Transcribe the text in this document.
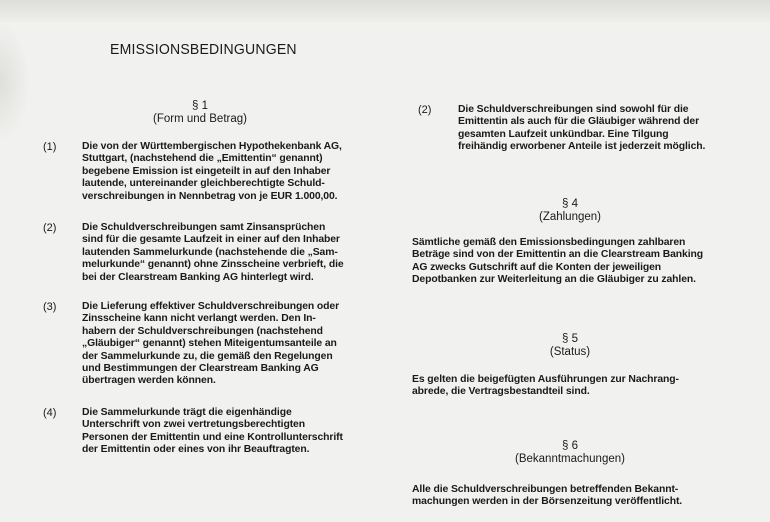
EMISSIONSBEDINGUNGEN
§ 1
(Form und Betrag)
(1) Die von der Württembergischen Hypothekenbank AG,
Stuttgart, (nachstehend die „Emittentin“ genannt)
begebene Emission ist eingeteilt in auf den Inhaber
lautende, untereinander gleichberechtigte Schuld-
verschreibungen in Nennbetrag von je EUR 1.000,00.
(2) Die Schuldverschreibungen samt Zinsansprüchen
sind für die gesamte Laufzeit in einer auf den Inhaber
lautenden Sammelurkunde (nachstehende die „Sam-
melurkunde“ genannt) ohne Zinsscheine verbrieft, die
bei der Clearstream Banking AG hinterlegt wird.
(3) Die Lieferung effektiver Schuldverschreibungen oder
Zinsscheine kann nicht verlangt werden. Den In-
habern der Schuldverschreibungen (nachstehend
„Gläubiger“ genannt) stehen Miteigentumsanteile an
der Sammelurkunde zu, die gemäß den Regelungen
und Bestimmungen der Clearstream Banking AG
übertragen werden können.
(4) Die Sammelurkunde trägt die eigenhändige
Unterschrift von zwei vertretungsberechtigten
Personen der Emittentin und eine Kontrollunterschrift
der Emittentin oder eines von ihr Beauftragten.
(2)	Die Schuldverschreibungen sind sowohl für die
Emittentin als auch für die Gläubiger während der
gesamten Laufzeit unkündbar. Eine Tilgung
freihändig erworbener Anteile ist jederzeit möglich.
§ 4
(Zahlungen)
Sämtliche gemäß den Emissionsbedingungen zahlbaren
Beträge sind von der Emittentin an die Clearstream Banking
AG zwecks Gutschrift auf die Konten der jeweiligen
Depotbanken zur Weiterleitung an die Gläubiger zu zahlen.
§ 5
(Status)
Es gelten die beigefügten Ausführungen zur Nachrang-
abrede, die Vertragsbestandteil sind.
§ 6
(Bekanntmachungen)
Alle die Schuldverschreibungen betreffenden Bekannt-
machungen werden in der Börsenzeitung veröffentlicht.
